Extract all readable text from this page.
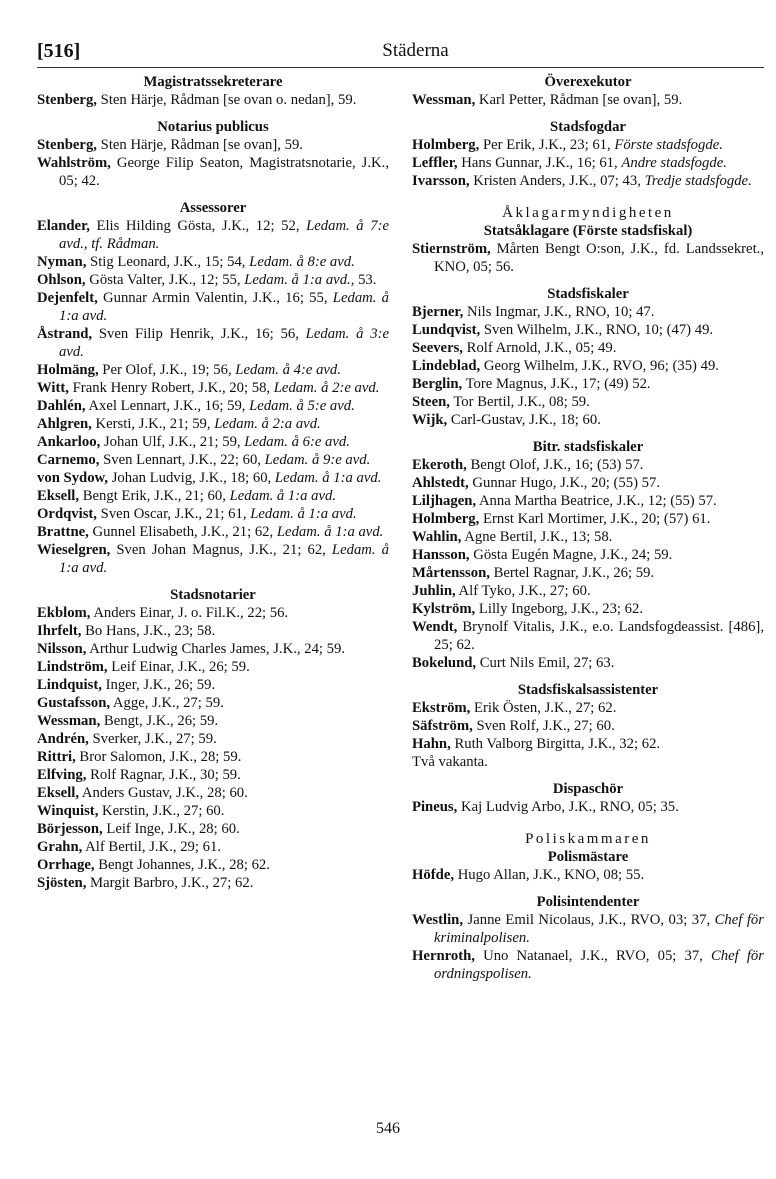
[516]	Städerna
Magistratssekreterare
Stenberg, Sten Härje, Rådman [se ovan o. nedan], 59.
Notarius publicus
Stenberg, Sten Härje, Rådman [se ovan], 59.
Wahlström, George Filip Seaton, Magistratsnotarie, J.K., 05; 42.
Assessorer
Elander, Elis Hilding Gösta, J.K., 12; 52, Ledam. å 7:e avd., tf. Rådman.
Nyman, Stig Leonard, J.K., 15; 54, Ledam. å 8:e avd.
Ohlson, Gösta Valter, J.K., 12; 55, Ledam. å 1:a avd., 53.
Dejenfelt, Gunnar Armin Valentin, J.K., 16; 55, Ledam. å 1:a avd.
Åstrand, Sven Filip Henrik, J.K., 16; 56, Ledam. å 3:e avd.
Holmäng, Per Olof, J.K., 19; 56, Ledam. å 4:e avd.
Witt, Frank Henry Robert, J.K., 20; 58, Ledam. å 2:e avd.
Dahlén, Axel Lennart, J.K., 16; 59, Ledam. å 5:e avd.
Ahlgren, Kersti, J.K., 21; 59, Ledam. å 2:a avd.
Ankarloo, Johan Ulf, J.K., 21; 59, Ledam. å 6:e avd.
Carnemo, Sven Lennart, J.K., 22; 60, Ledam. å 9:e avd.
von Sydow, Johan Ludvig, J.K., 18; 60, Ledam. å 1:a avd.
Eksell, Bengt Erik, J.K., 21; 60, Ledam. å 1:a avd.
Ordqvist, Sven Oscar, J.K., 21; 61, Ledam. å 1:a avd.
Brattne, Gunnel Elisabeth, J.K., 21; 62, Ledam. å 1:a avd.
Wieselgren, Sven Johan Magnus, J.K., 21; 62, Ledam. å 1:a avd.
Stadsnotarier
Ekblom, Anders Einar, J. o. Fil.K., 22; 56.
Ihrfelt, Bo Hans, J.K., 23; 58.
Nilsson, Arthur Ludwig Charles James, J.K., 24; 59.
Lindström, Leif Einar, J.K., 26; 59.
Lindquist, Inger, J.K., 26; 59.
Gustafsson, Agge, J.K., 27; 59.
Wessman, Bengt, J.K., 26; 59.
Andrén, Sverker, J.K., 27; 59.
Rittri, Bror Salomon, J.K., 28; 59.
Elfving, Rolf Ragnar, J.K., 30; 59.
Eksell, Anders Gustav, J.K., 28; 60.
Winquist, Kerstin, J.K., 27; 60.
Börjesson, Leif Inge, J.K., 28; 60.
Grahn, Alf Bertil, J.K., 29; 61.
Orrhage, Bengt Johannes, J.K., 28; 62.
Sjösten, Margit Barbro, J.K., 27; 62.
Överexekutor
Wessman, Karl Petter, Rådman [se ovan], 59.
Stadsfogdar
Holmberg, Per Erik, J.K., 23; 61, Förste stadsfogde.
Leffler, Hans Gunnar, J.K., 16; 61, Andre stadsfogde.
Ivarsson, Kristen Anders, J.K., 07; 43, Tredje stadsfogde.
Åklagarmyndigheten
Statsåklagare (Förste stadsfiskal)
Stiernström, Mårten Bengt O:son, J.K., fd. Landssekret., KNO, 05; 56.
Stadsfiskaler
Bjerner, Nils Ingmar, J.K., RNO, 10; 47.
Lundqvist, Sven Wilhelm, J.K., RNO, 10; (47) 49.
Seevers, Rolf Arnold, J.K., 05; 49.
Lindeblad, Georg Wilhelm, J.K., RVO, 96; (35) 49.
Berglin, Tore Magnus, J.K., 17; (49) 52.
Steen, Tor Bertil, J.K., 08; 59.
Wijk, Carl-Gustav, J.K., 18; 60.
Bitr. stadsfiskaler
Ekeroth, Bengt Olof, J.K., 16; (53) 57.
Ahlstedt, Gunnar Hugo, J.K., 20; (55) 57.
Liljhagen, Anna Martha Beatrice, J.K., 12; (55) 57.
Holmberg, Ernst Karl Mortimer, J.K., 20; (57) 61.
Wahlin, Agne Bertil, J.K., 13; 58.
Hansson, Gösta Eugén Magne, J.K., 24; 59.
Mårtensson, Bertel Ragnar, J.K., 26; 59.
Juhlin, Alf Tyko, J.K., 27; 60.
Kylström, Lilly Ingeborg, J.K., 23; 62.
Wendt, Brynolf Vitalis, J.K., e.o. Landsfogdeassist. [486], 25; 62.
Bokelund, Curt Nils Emil, 27; 63.
Stadsfiskalsassistenter
Ekström, Erik Östen, J.K., 27; 62.
Säfström, Sven Rolf, J.K., 27; 60.
Hahn, Ruth Valborg Birgitta, J.K., 32; 62.
Två vakanta.
Dispaschör
Pineus, Kaj Ludvig Arbo, J.K., RNO, 05; 35.
Poliskammaren
Polismästare
Höfde, Hugo Allan, J.K., KNO, 08; 55.
Polisintendenter
Westlin, Janne Emil Nicolaus, J.K., RVO, 03; 37, Chef för kriminalpolisen.
Hernroth, Uno Natanael, J.K., RVO, 05; 37, Chef för ordningspolisen.
546
